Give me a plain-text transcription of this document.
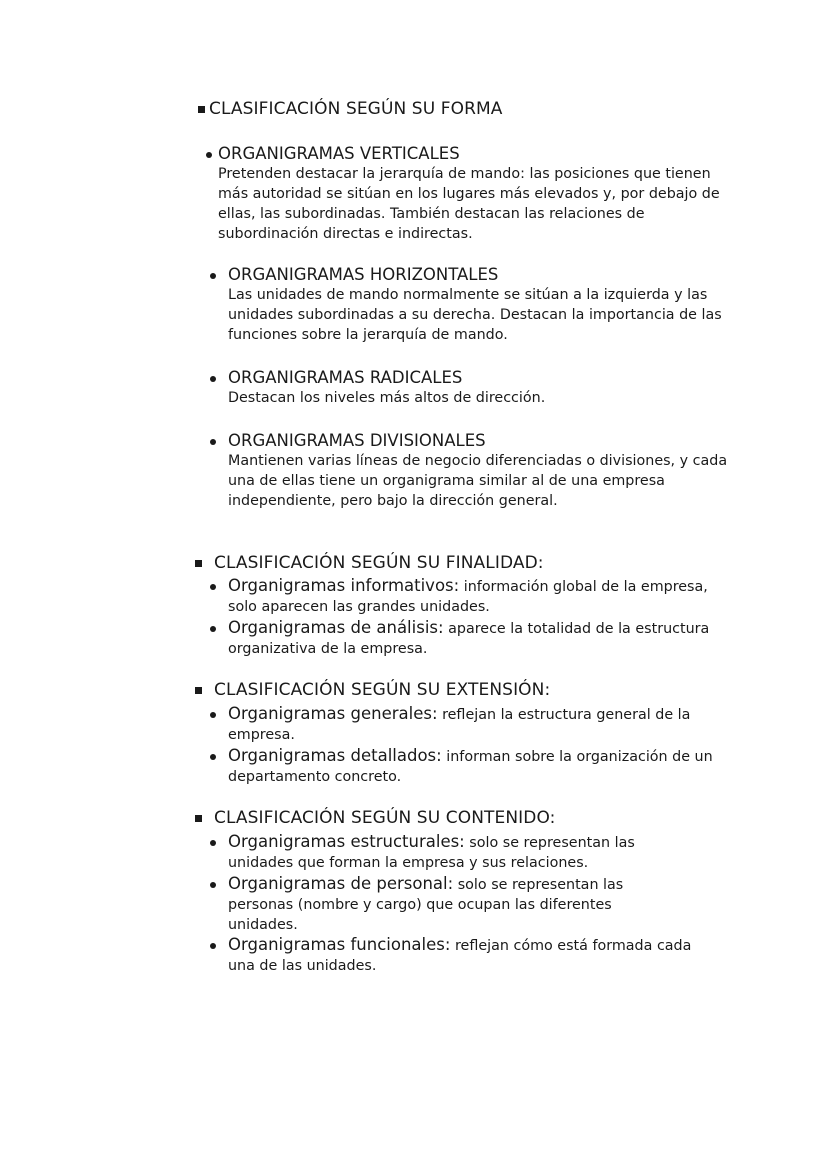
CLASIFICACIÓN SEGÚN SU FORMA
ORGANIGRAMAS VERTICALES
Pretenden destacar la jerarquía de mando: las posiciones que tienen más autoridad se sitúan en los lugares más elevados y, por debajo de ellas, las subordinadas. También destacan las relaciones de subordinación directas e indirectas.
ORGANIGRAMAS HORIZONTALES
Las unidades de mando normalmente se sitúan a la izquierda y las unidades subordinadas a su derecha. Destacan la importancia de las funciones sobre la jerarquía de mando.
ORGANIGRAMAS RADICALES
Destacan los niveles más altos de dirección.
ORGANIGRAMAS DIVISIONALES
Mantienen varias líneas de negocio diferenciadas o divisiones, y cada una de ellas tiene un organigrama similar al de una empresa independiente, pero bajo la dirección general.
CLASIFICACIÓN SEGÚN SU FINALIDAD:
Organigramas informativos: información global de la empresa, solo aparecen las grandes unidades.
Organigramas de análisis: aparece la totalidad de la estructura organizativa de la empresa.
CLASIFICACIÓN SEGÚN SU EXTENSIÓN:
Organigramas generales: reflejan la estructura general de la empresa.
Organigramas detallados: informan sobre la organización de un departamento concreto.
CLASIFICACIÓN SEGÚN SU CONTENIDO:
Organigramas estructurales: solo se representan las unidades que forman la empresa y sus relaciones.
Organigramas de personal: solo se representan las personas (nombre y cargo) que ocupan las diferentes unidades.
Organigramas funcionales: reflejan cómo está formada cada una de las unidades.
